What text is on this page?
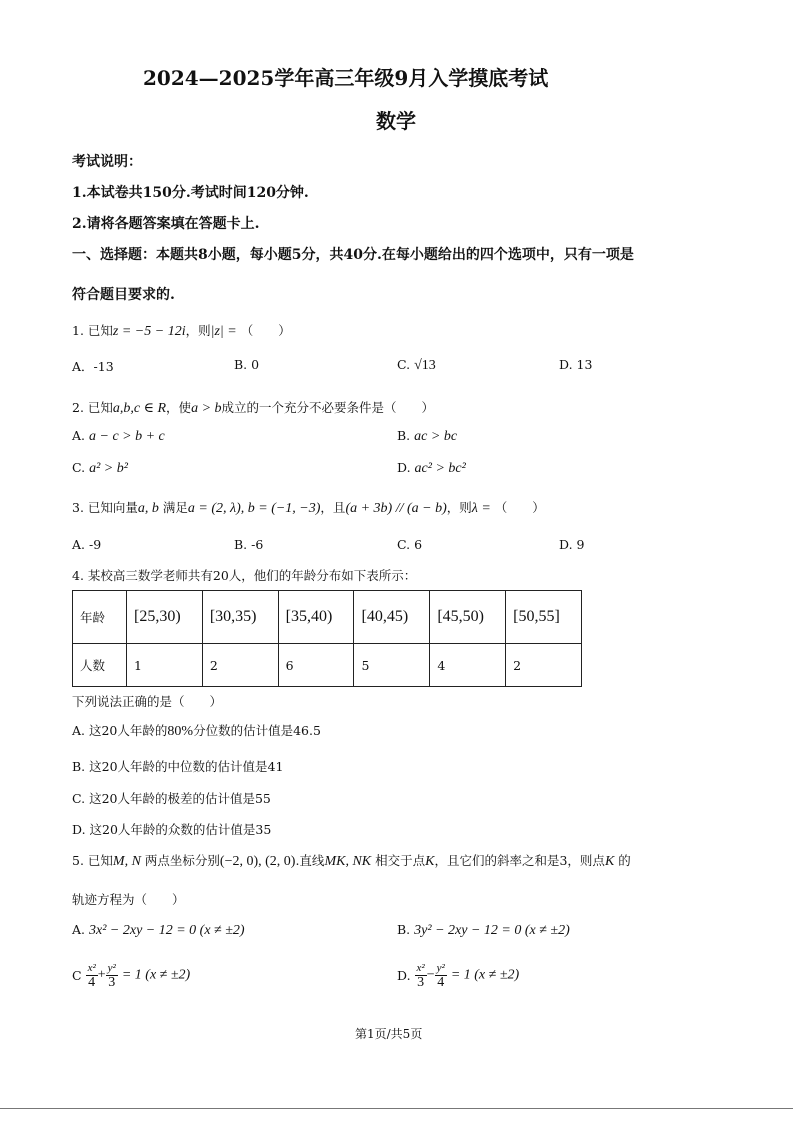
2024—2025学年高三年级9月入学摸底考试
数学
考试说明：
1.本试卷共150分.考试时间120分钟.
2.请将各题答案填在答题卡上.
一、选择题：本题共8小题，每小题5分，共40分.在每小题给出的四个选项中，只有一项是
符合题目要求的.
1. 已知z = −5 − 12i，则|z| = （　　）
A．-13	B. 0	C. √13	D. 13
2. 已知a,b,c ∈ R，使a > b成立的一个充分不必要条件是（　　）
A. a − c > b + c	B. ac > bc
C. a² > b²	D. ac² > bc²
3. 已知向量a, b 满足a = (2, λ), b = (−1, −3)，且(a + 3b) // (a − b)，则λ = （　　）
A. -9	B. -6	C. 6	D. 9
4. 某校高三数学老师共有20人，他们的年龄分布如下表所示：
年龄	[25,30)	[30,35)	[35,40)	[40,45)	[45,50)	[50,55]
人数	1	2	6	5	4	2
下列说法正确的是（　　）
A. 这20人年龄的80%分位数的估计值是46.5
B. 这20人年龄的中位数的估计值是41
C. 这20人年龄的极差的估计值是55
D. 这20人年龄的众数的估计值是35
5. 已知M, N 两点坐标分别(−2, 0), (2, 0).直线MK, NK 相交于点K，且它们的斜率之和是3，则点K 的
轨迹方程为（　　）
A. 3x² − 2xy − 12 = 0 (x ≠ ±2)	B. 3y² − 2xy − 12 = 0 (x ≠ ±2)
C $\frac{\text{x²}}{4} + \frac{\text{y²}}{3} = 1$ (x ≠ ±2)	D. $\frac{\text{x²}}{3} - \frac{\text{y²}}{4} = 1$ (x ≠ ±2)
第1页/共5页
